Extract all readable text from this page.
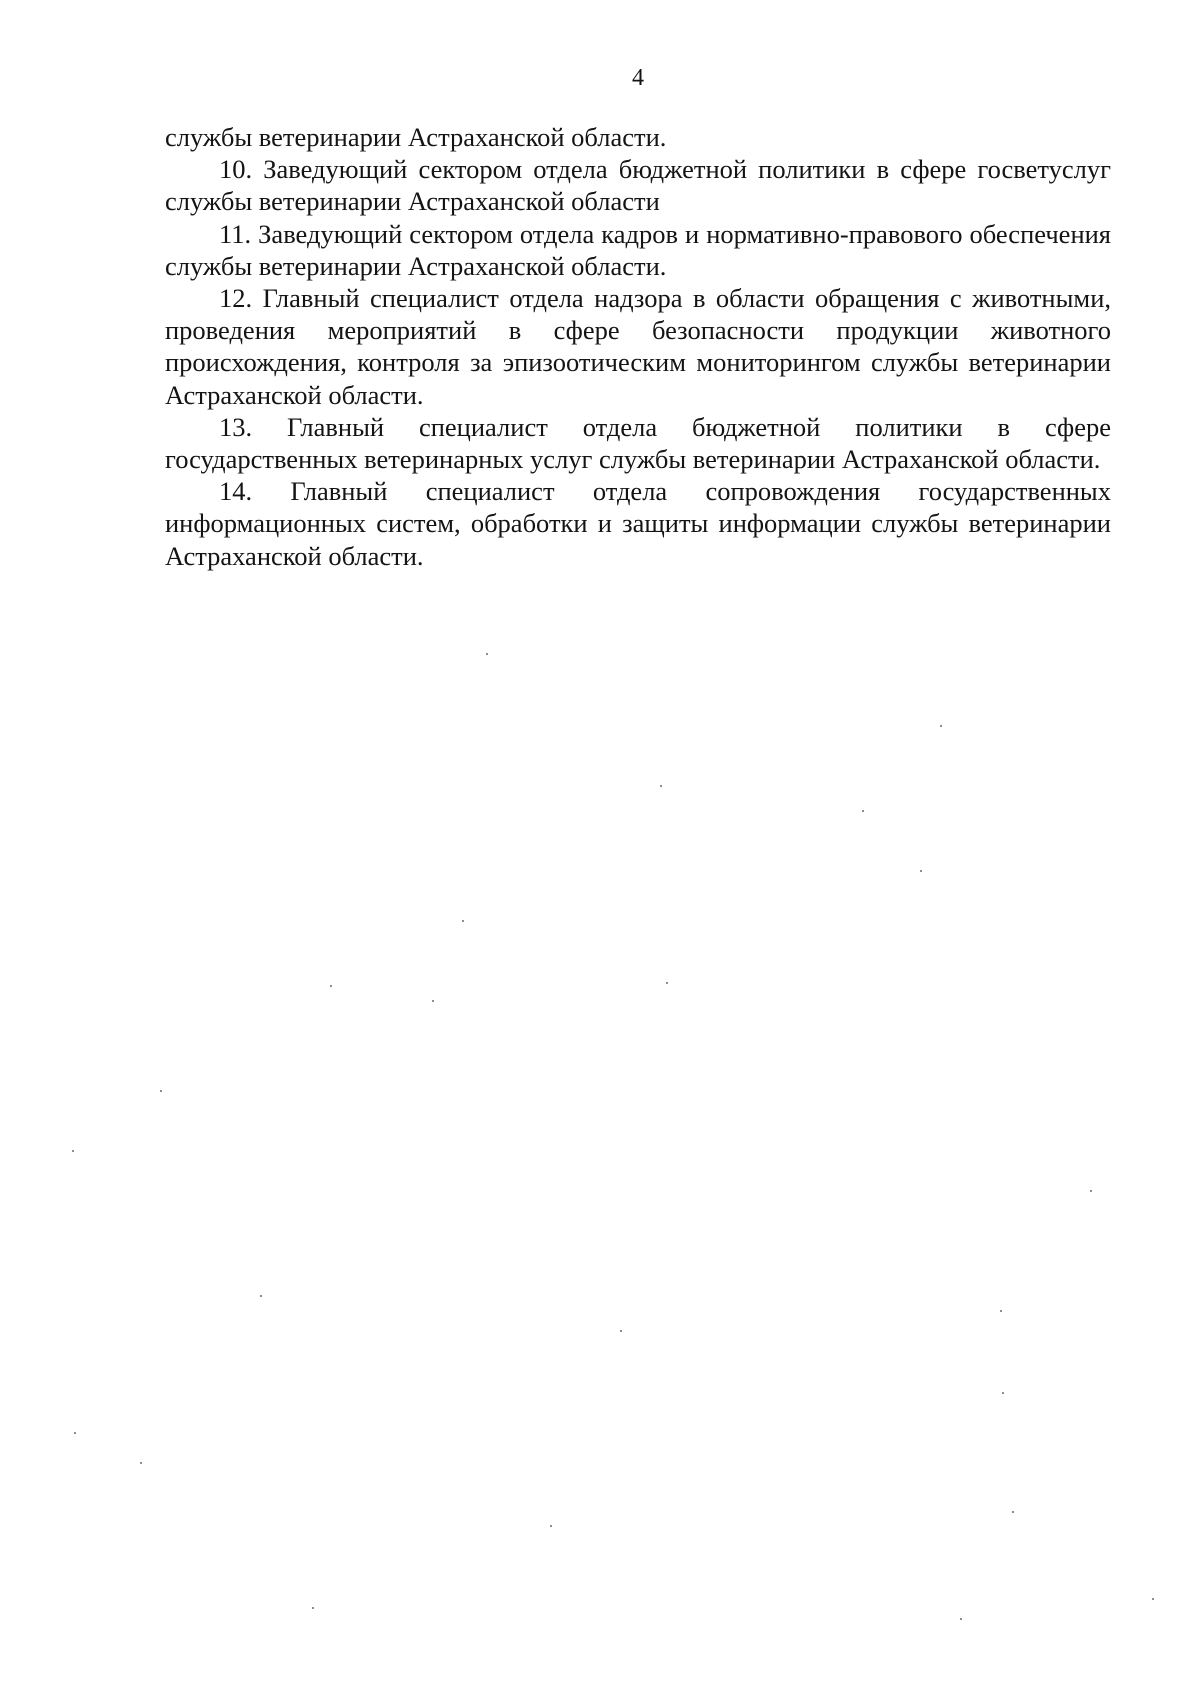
4

службы ветеринарии Астраханской области.

10. Заведующий сектором отдела бюджетной политики в сфере госветуслуг службы ветеринарии Астраханской области

11. Заведующий сектором отдела кадров и нормативно-правового обеспечения службы ветеринарии Астраханской области.

12. Главный специалист отдела надзора в области обращения с животными, проведения мероприятий в сфере безопасности продукции животного происхождения, контроля за эпизоотическим мониторингом службы ветеринарии Астраханской области.

13. Главный специалист отдела бюджетной политики в сфере государственных ветеринарных услуг службы ветеринарии Астраханской области.

14. Главный специалист отдела сопровождения государственных информационных систем, обработки и защиты информации службы ветеринарии Астраханской области.
